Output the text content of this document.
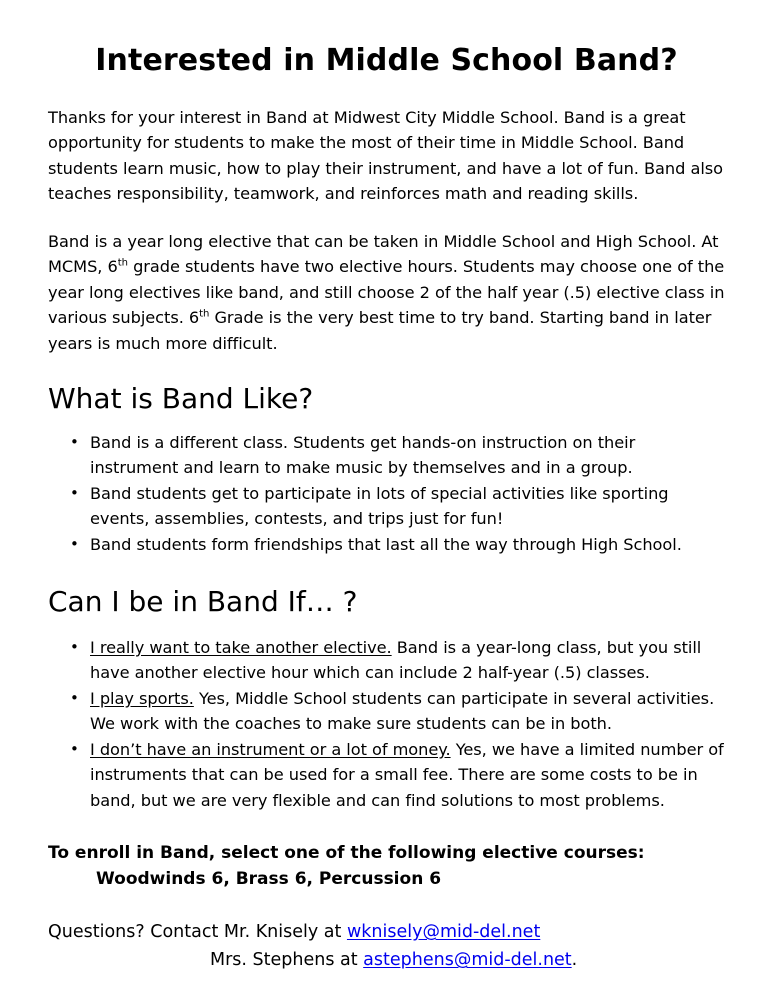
Interested in Middle School Band?

Thanks for your interest in Band at Midwest City Middle School. Band is a great opportunity for students to make the most of their time in Middle School. Band students learn music, how to play their instrument, and have a lot of fun. Band also teaches responsibility, teamwork, and reinforces math and reading skills.

Band is a year long elective that can be taken in Middle School and High School. At MCMS, 6th grade students have two elective hours. Students may choose one of the year long electives like band, and still choose 2 of the half year (.5) elective class in various subjects. 6th Grade is the very best time to try band. Starting band in later years is much more difficult.

What is Band Like?
• Band is a different class. Students get hands-on instruction on their instrument and learn to make music by themselves and in a group.
• Band students get to participate in lots of special activities like sporting events, assemblies, contests, and trips just for fun!
• Band students form friendships that last all the way through High School.
Can I be in Band If… ?
• I really want to take another elective. Band is a year-long class, but you still have another elective hour which can include 2 half-year (.5) classes.
• I play sports. Yes, Middle School students can participate in several activities. We work with the coaches to make sure students can be in both.
• I don’t have an instrument or a lot of money. Yes, we have a limited number of instruments that can be used for a small fee. There are some costs to be in band, but we are very flexible and can find solutions to most problems.

To enroll in Band, select one of the following elective courses:

Woodwinds 6, Brass 6, Percussion 6

Questions? Contact Mr. Knisely at wknisely@mid-del.net

Mrs. Stephens at astephens@mid-del.net.
